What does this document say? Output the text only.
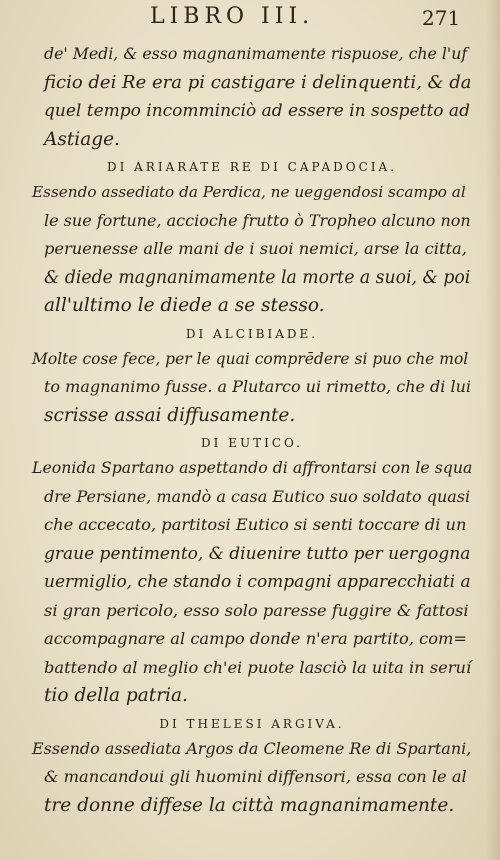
LIBRO III.	271
de' Medi, & esso magnanimamente rispuose, che l'uf
ficio dei Re era pi castigare i delinquenti, & da
quel tempo incomminciò ad essere in sospetto ad
Astiage.
DI ARIARATE RE DI CAPADOCIA.
Essendo assediato da Perdica, ne ueggendosi scampo al
le sue fortune, accioche frutto ò Tropheo alcuno non
peruenesse alle mani de i suoi nemici, arse la citta,
& diede magnanimamente la morte a suoi, & poi
all'ultimo le diede a se stesso.
DI ALCIBIADE.
Molte cose fece, per le quai comprēdere si puo che mol
to magnanimo fusse. a Plutarco ui rimetto, che di lui
scrisse assai diffusamente.
DI EUTICO.
Leonida Spartano aspettando di affrontarsi con le squa
dre Persiane, mandò a casa Eutico suo soldato quasi
che accecato, partitosi Eutico si senti toccare di un
graue pentimento, & diuenire tutto per uergogna
uermiglio, che stando i compagni apparecchiati a
si gran pericolo, esso solo paresse fuggire & fattosi
accompagnare al campo donde n'era partito, com=
battendo al meglio ch'ei puote lasciò la uita in seruí
tio della patria.
DI THELESI ARGIVA.
Essendo assediata Argos da Cleomene Re di Spartani,
& mancandoui gli huomini diffensori, essa con le al
tre donne diffese la città magnanimamente.
